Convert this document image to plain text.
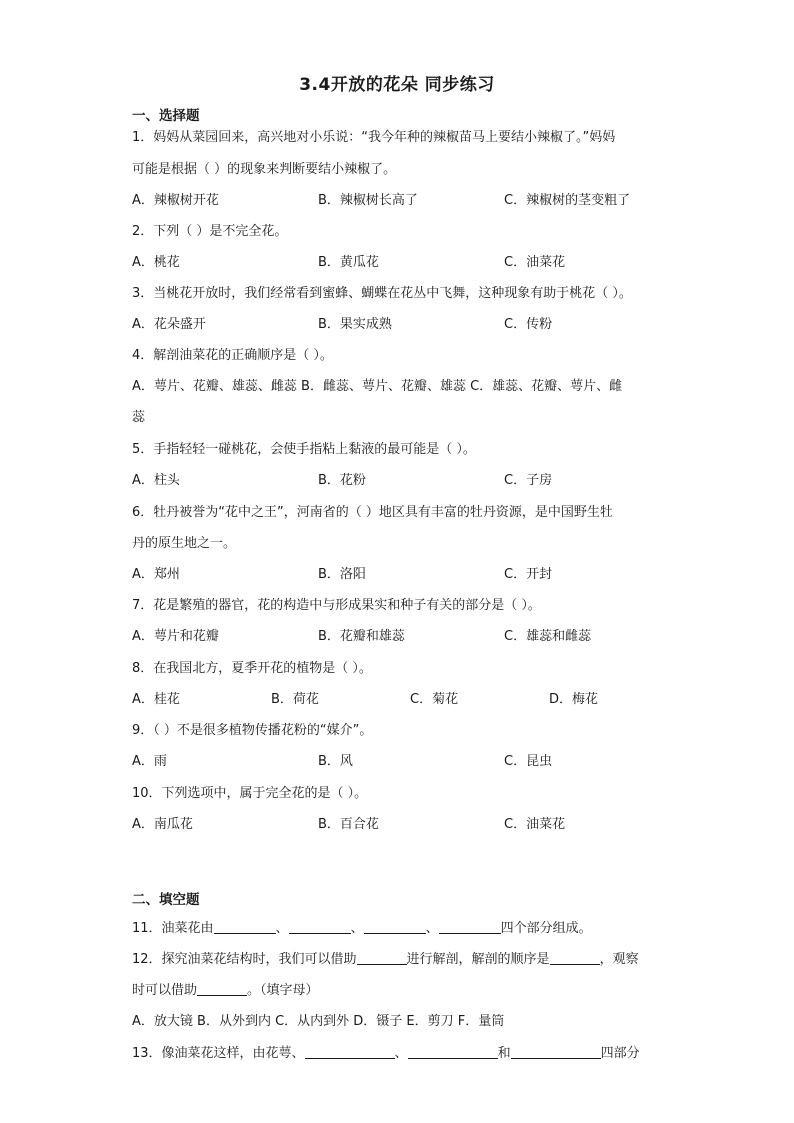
3.4开放的花朵 同步练习
一、选择题
1．妈妈从菜园回来，高兴地对小乐说：“我今年种的辣椒苗马上要结小辣椒了。”妈妈
可能是根据（ ）的现象来判断要结小辣椒了。
A．辣椒树开花	B．辣椒树长高了	C．辣椒树的茎变粗了
2．下列（ ）是不完全花。
A．桃花	B．黄瓜花	C．油菜花
3．当桃花开放时，我们经常看到蜜蜂、蝴蝶在花丛中飞舞，这种现象有助于桃花（ ）。
A．花朵盛开	B．果实成熟	C．传粉
4．解剖油菜花的正确顺序是（ ）。
A．萼片、花瓣、雄蕊、雌蕊 B．雌蕊、萼片、花瓣、雄蕊 C．雄蕊、花瓣、萼片、雌
蕊
5．手指轻轻一碰桃花，会使手指粘上黏液的最可能是（ ）。
A．柱头	B．花粉	C．子房
6．牡丹被誉为“花中之王”，河南省的（ ）地区具有丰富的牡丹资源，是中国野生牡
丹的原生地之一。
A．郑州	B．洛阳	C．开封
7．花是繁殖的器官，花的构造中与形成果实和种子有关的部分是（ ）。
A．萼片和花瓣	B．花瓣和雄蕊	C．雄蕊和雌蕊
8．在我国北方，夏季开花的植物是（ ）。
A．桂花	B．荷花	C．菊花	D．梅花
9．（ ）不是很多植物传播花粉的“媒介”。
A．雨	B．风	C．昆虫
10．下列选项中，属于完全花的是（ ）。
A．南瓜花	B．百合花	C．油菜花
二、填空题
11．油菜花由	、	、	、	四个部分组成。
12．探究油菜花结构时，我们可以借助	进行解剖，解剖的顺序是	，观察
时可以借助	。（填字母）
A．放大镜 B．从外到内 C．从内到外 D．镊子 E．剪刀 F．量筒
13．像油菜花这样，由花萼、	、	和	四部分
